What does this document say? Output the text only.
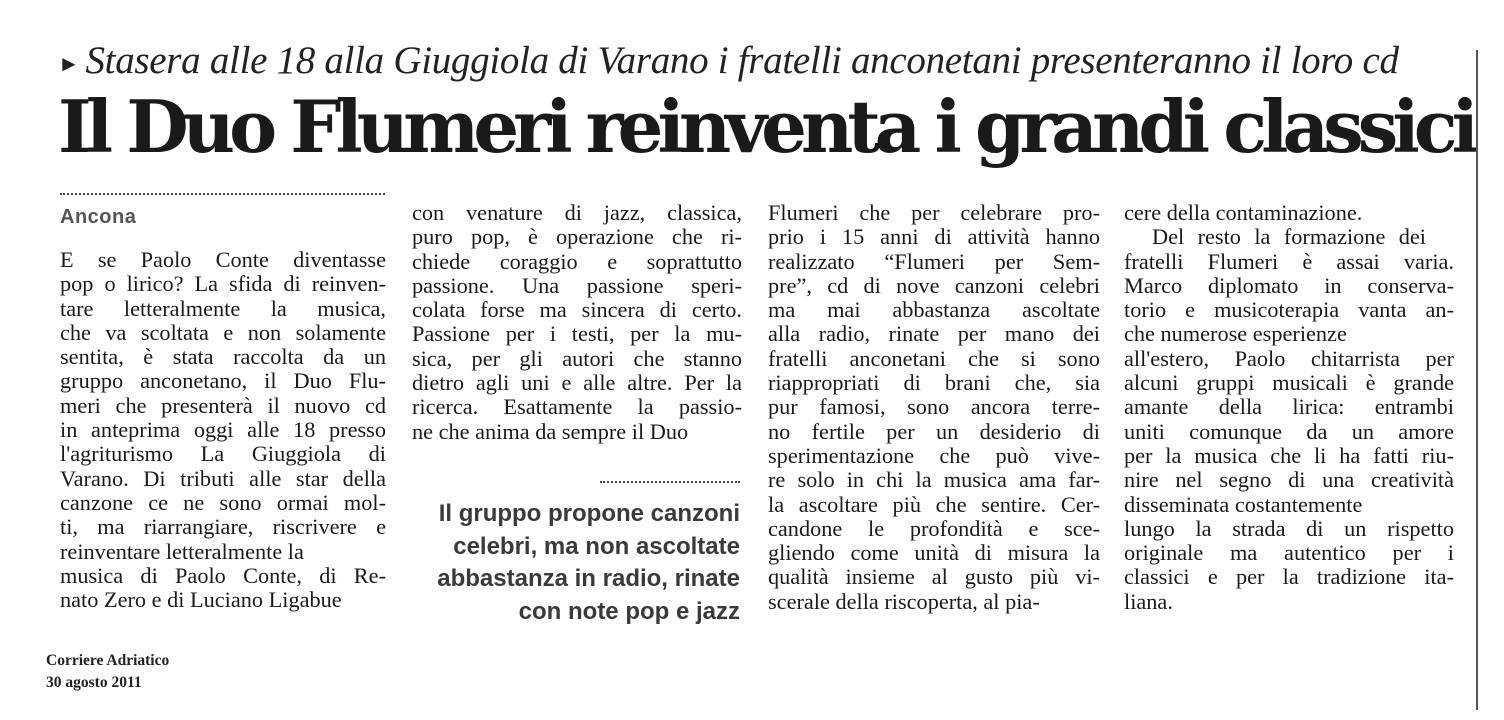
► Stasera alle 18 alla Giuggiola di Varano i fratelli anconetani presenteranno il loro cd
Il Duo Flumeri reinventa i grandi classici
Ancona
E se Paolo Conte diventasse
pop o lirico? La sfida di reinven-
tare letteralmente la musica,
che va scoltata e non solamente
sentita, è stata raccolta da un
gruppo anconetano, il Duo Flu-
meri che presenterà il nuovo cd
in anteprima oggi alle 18 presso
l'agriturismo La Giuggiola di
Varano. Di tributi alle star della
canzone ce ne sono ormai mol-
ti, ma riarrangiare, riscrivere e
reinventare letteralmente la
musica di Paolo Conte, di Re-
nato Zero e di Luciano Ligabue
con venature di jazz, classica,
puro pop, è operazione che ri-
chiede coraggio e soprattutto
passione. Una passione speri-
colata forse ma sincera di certo.
Passione per i testi, per la mu-
sica, per gli autori che stanno
dietro agli uni e alle altre. Per la
ricerca. Esattamente la passio-
ne che anima da sempre il Duo
Flumeri che per celebrare pro-
prio i 15 anni di attività hanno
realizzato “Flumeri per Sem-
pre”, cd di nove canzoni celebri
ma mai abbastanza ascoltate
alla radio, rinate per mano dei
fratelli anconetani che si sono
riappropriati di brani che, sia
pur famosi, sono ancora terre-
no fertile per un desiderio di
sperimentazione che può vive-
re solo in chi la musica ama far-
la ascoltare più che sentire. Cer-
candone le profondità e sce-
gliendo come unità di misura la
qualità insieme al gusto più vi-
scerale della riscoperta, al pia-
cere della contaminazione.
Del resto la formazione dei
fratelli Flumeri è assai varia.
Marco diplomato in conserva-
torio e musicoterapia vanta an-
che numerose esperienze
all'estero, Paolo chitarrista per
alcuni gruppi musicali è grande
amante della lirica: entrambi
uniti comunque da un amore
per la musica che li ha fatti riu-
nire nel segno di una creatività
disseminata costantemente
lungo la strada di un rispetto
originale ma autentico per i
classici e per la tradizione ita-
liana.
Il gruppo propone canzoni
celebri, ma non ascoltate
abbastanza in radio, rinate
con note pop e jazz
Corriere Adriatico
30 agosto 2011
